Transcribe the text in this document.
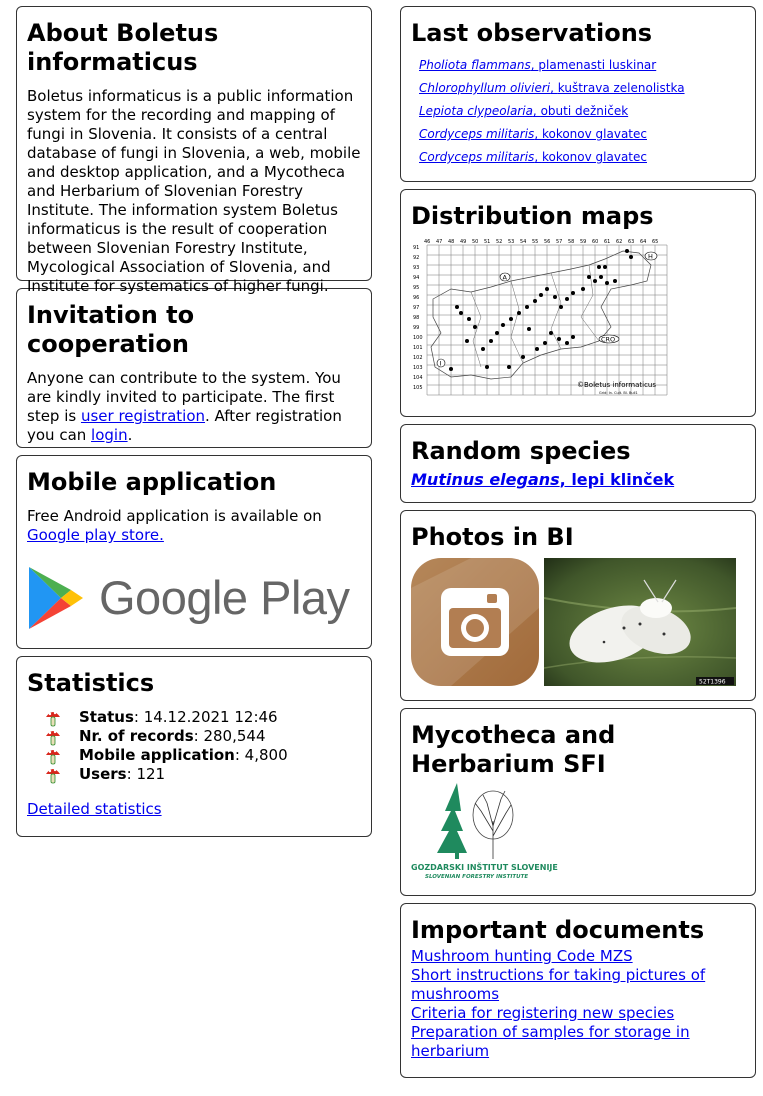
About Boletus informaticus

Boletus informaticus is a public information system for the recording and mapping of fungi in Slovenia. It consists of a central database of fungi in Slovenia, a web, mobile and desktop application, and a Mycotheca and Herbarium of Slovenian Forestry Institute. The information system Boletus informaticus is the result of cooperation between Slovenian Forestry Institute, Mycological Association of Slovenia, and Institute for systematics of higher fungi.

Invitation to cooperation

Anyone can contribute to the system. You are kindly invited to participate. The first step is user registration. After registration you can login.

Mobile application

Free Android application is available on Google play store.

Google Play
Statistics
Status: 14.12.2021 12:46
Nr. of records: 280,544
Mobile application: 4,800
Users: 121

Detailed statistics

Last observations
Pholiota flammans, plamenasti luskinar
Chlorophyllum olivieri, kuštrava zelenolistka
Lepiota clypeolaria, obuti dežniček
Cordyceps militaris, kokonov glavatec
Cordyceps militaris, kokonov glavatec
Distribution maps
46 47 48 49 50 51 52 53 54 55 56 57 58 59 60 61 62 63 64 65
91
92
93
94
95
96
97
98
99
100
101
102
103
104
105
A
H
CRO
I
©Boletus informaticus
Grid: In. Cult. Bl. Bull1
Random species
Mutinus elegans, lepi klinček
Photos in BI
52T1396
Mycotheca and Herbarium SFI
GOZDARSKI INŠTITUT SLOVENIJE
SLOVENIAN FORESTRY INSTITUTE
Important documents
Mushroom hunting Code MZS
Short instructions for taking pictures of mushrooms
Criteria for registering new species
Preparation of samples for storage in herbarium
